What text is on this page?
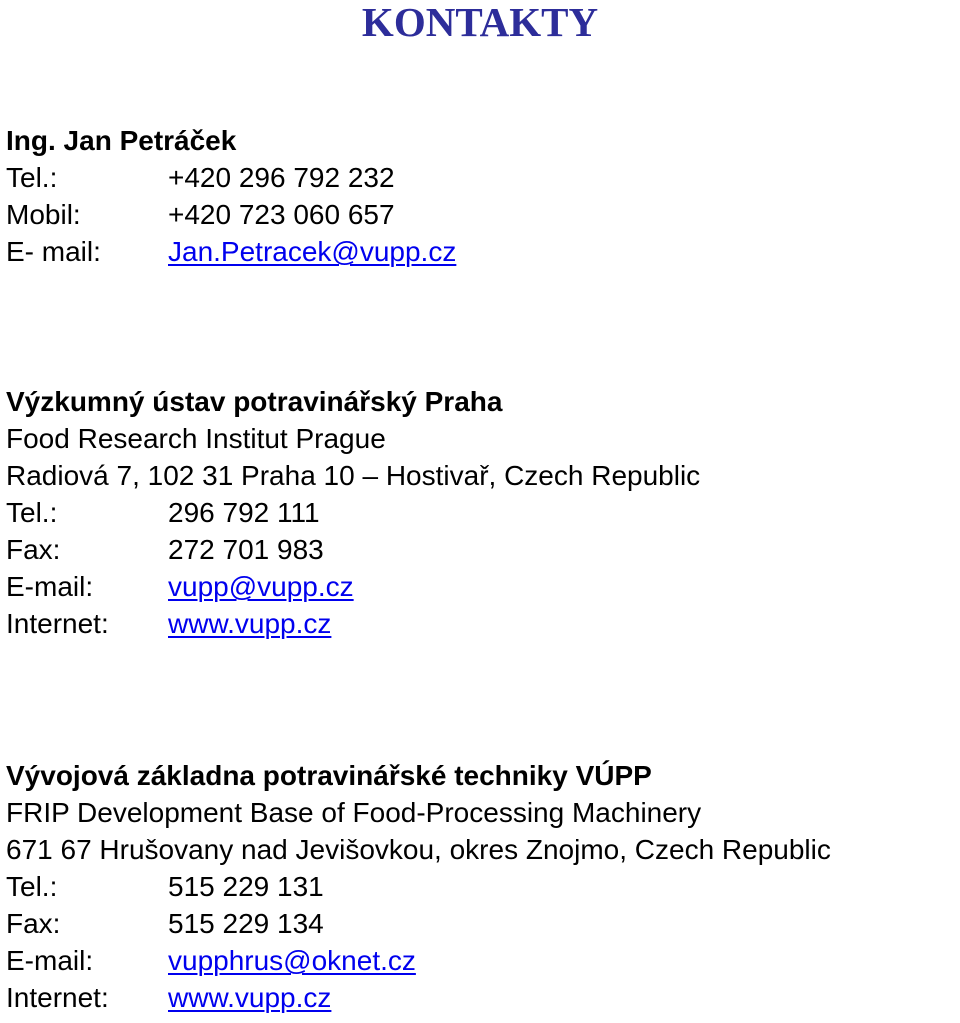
KONTAKTY
Ing. Jan Petráček
Tel.:	+420 296 792 232
Mobil:	+420 723 060 657
E- mail:	Jan.Petracek@vupp.cz
Výzkumný ústav potravinářský Praha
Food Research Institut Prague
Radiová 7, 102 31 Praha 10 – Hostivař, Czech Republic
Tel.:	296 792 111
Fax:	272 701 983
E-mail:	vupp@vupp.cz
Internet:	www.vupp.cz
Vývojová základna potravinářské techniky VÚPP
FRIP Development Base of Food-Processing Machinery
671 67 Hrušovany nad Jevišovkou, okres Znojmo, Czech Republic
Tel.:	515 229 131
Fax:	515 229 134
E-mail:	vupphrus@oknet.cz
Internet:	www.vupp.cz
